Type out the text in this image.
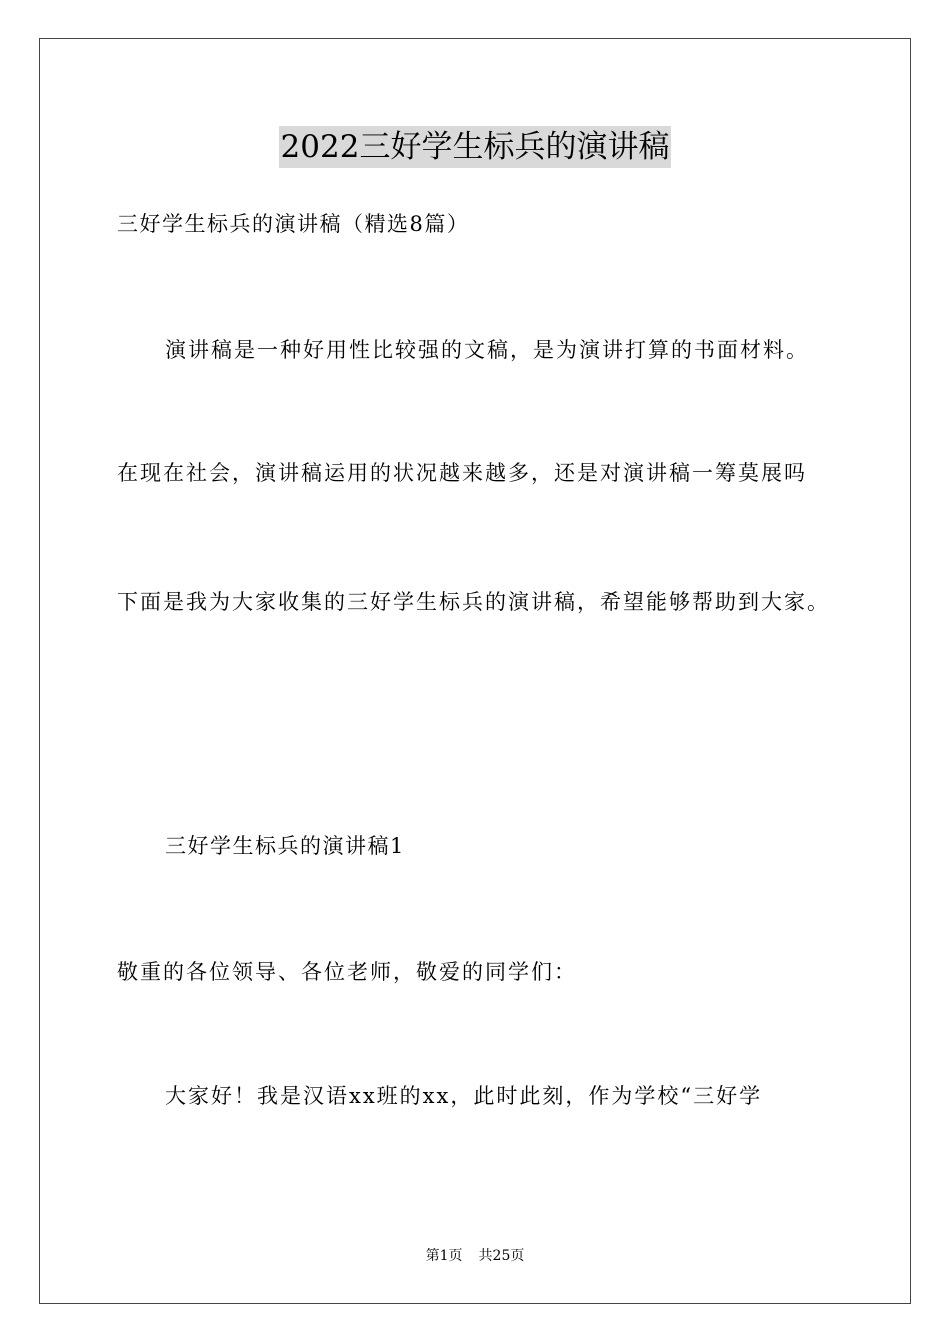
2022三好学生标兵的演讲稿
三好学生标兵的演讲稿（精选8篇）
演讲稿是一种好用性比较强的文稿，是为演讲打算的书面材料。
在现在社会，演讲稿运用的状况越来越多，还是对演讲稿一筹莫展吗
下面是我为大家收集的三好学生标兵的演讲稿，希望能够帮助到大家。
三好学生标兵的演讲稿1
敬重的各位领导、各位老师，敬爱的同学们：
大家好！我是汉语xx班的xx，此时此刻，作为学校“三好学
第1页 共25页
